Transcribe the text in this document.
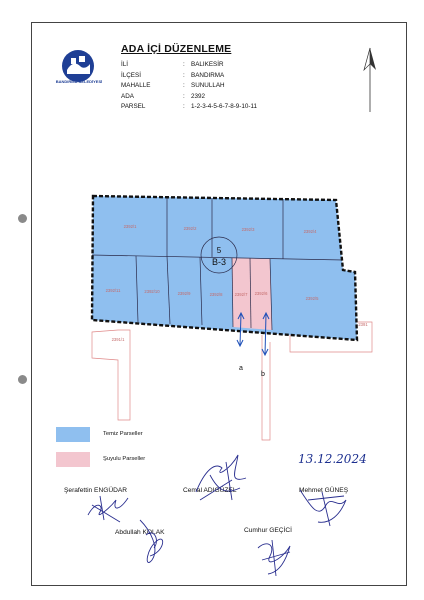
BANDIRMA BELEDİYESİ
ADA İÇİ DÜZENLEME
İLİ	: BALIKESİR
İLÇESİ	: BANDIRMA
MAHALLE	: SUNULLAH
ADA	: 2392
PARSEL	: 1-2-3-4-5-6-7-8-9-10-11
5
B-3
2392/1	2392/2	2392/3	2392/4
2392/11	2392/10	2392/9	2392/8	2392/7 2392/6
2392/5
2391/1
2391
a
b
Temiz Parseller
Şuyulu Parseller	13.12.2024
Şerafettin ENGÜDAR	Cemal ADIGÜZEL	Mehmet GÜNEŞ
Abdullah KOLAK	Cumhur GEÇİCİ
